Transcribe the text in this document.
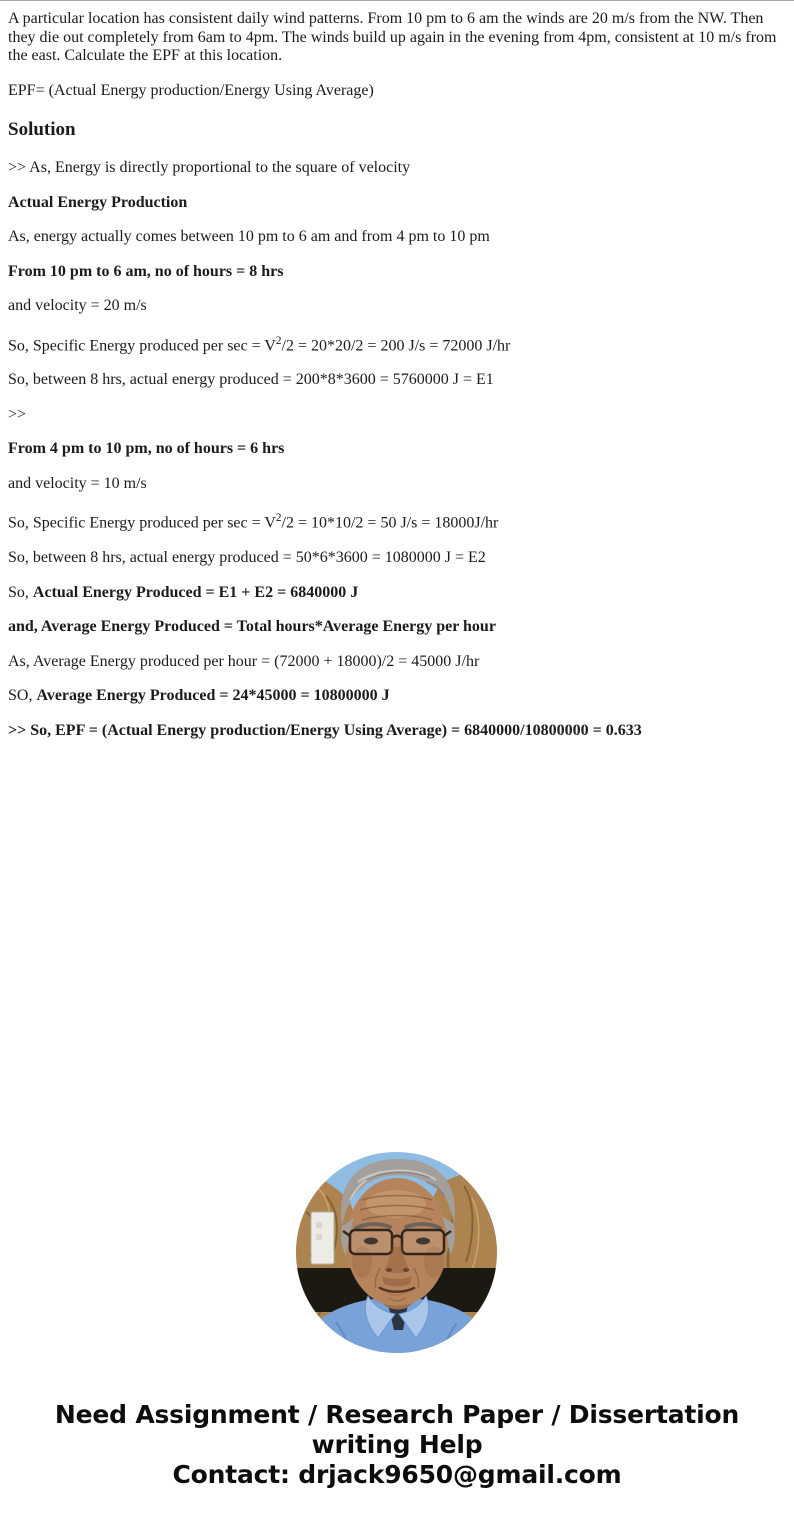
A particular location has consistent daily wind patterns. From 10 pm to 6 am the winds are 20 m/s from the NW. Then they die out completely from 6am to 4pm. The winds build up again in the evening from 4pm, consistent at 10 m/s from the east. Calculate the EPF at this location.

EPF= (Actual Energy production/Energy Using Average)

Solution

>> As, Energy is directly proportional to the square of velocity

Actual Energy Production

As, energy actually comes between 10 pm to 6 am and from 4 pm to 10 pm

From 10 pm to 6 am, no of hours = 8 hrs

and velocity = 20 m/s

So, Specific Energy produced per $\sec = V^2/2 = 20*20/2 = 200$ J/s = 72000 J/hr

So, between 8 hrs, actual energy produced = 200*8*3600 = 5760000 J = E1

>>

From 4 pm to 10 pm, no of hours = 6 hrs

and velocity = 10 m/s

So, Specific Energy produced per $\sec = V^2/2 = 10*10/2 = 50$ J/s = 18000J/hr

So, between 8 hrs, actual energy produced = 50*6*3600 = 1080000 J = E2

So, Actual Energy Produced = E1 + E2 = 6840000 J

and, Average Energy Produced = Total hours*Average Energy per hour

As, Average Energy produced per hour = (72000 + 18000)/2 = 45000 J/hr

SO, Average Energy Produced = 24*45000 = 10800000 J

>> So, EPF = (Actual Energy production/Energy Using Average) = 6840000/10800000 = 0.633

Need Assignment / Research Paper / Dissertation
writing Help
Contact: drjack9650@gmail.com
